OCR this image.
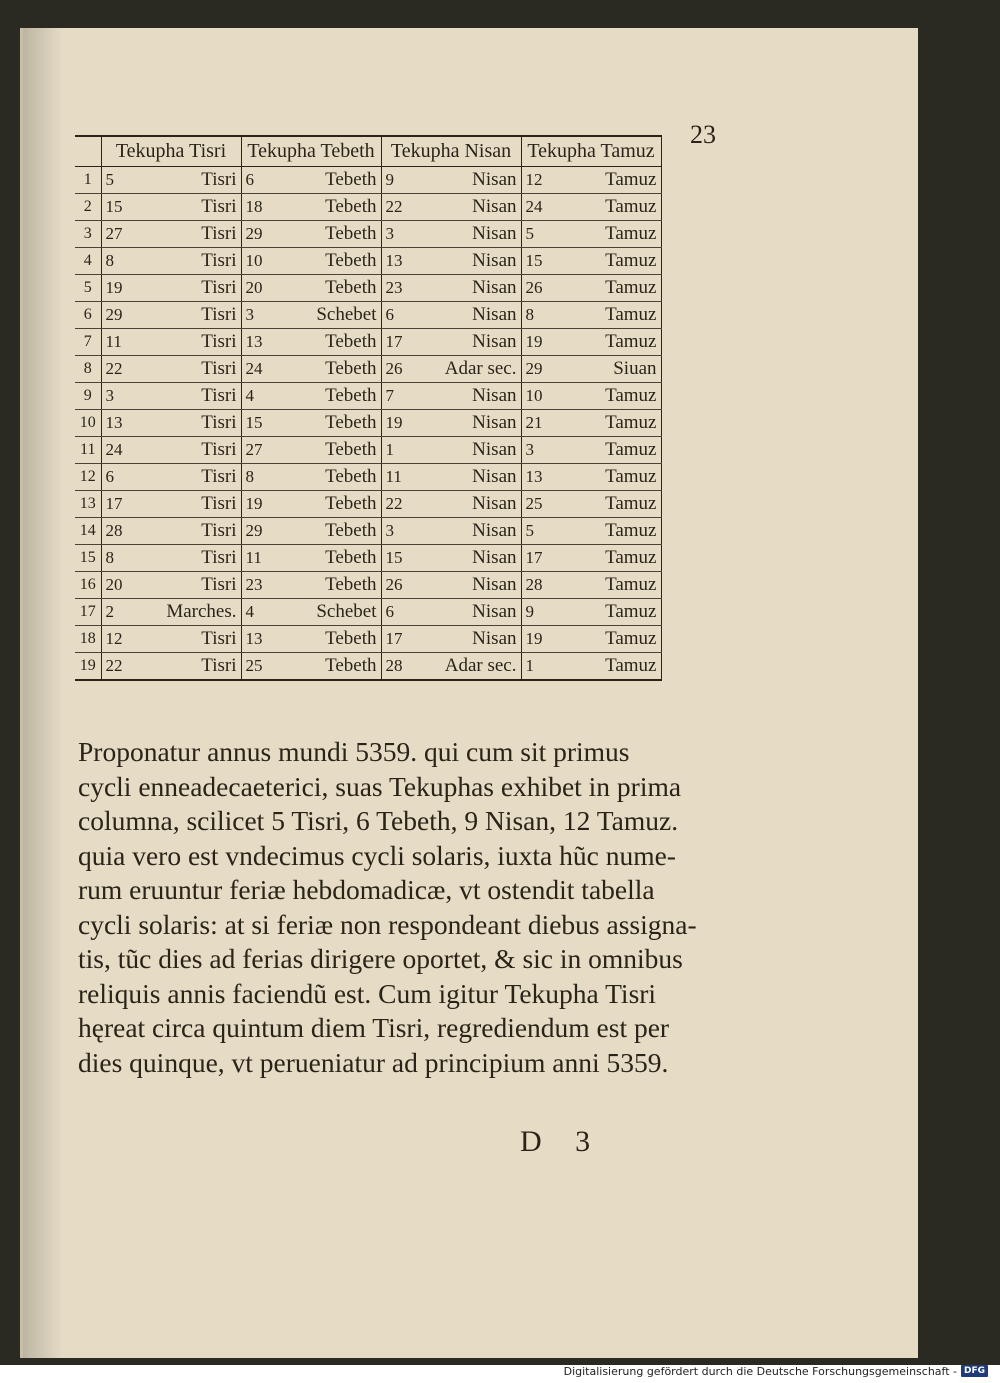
23
	Tekupha Tisri		Tekupha Tebeth		Tekupha Nisan		Tekupha Tamuz	
1	5	Tisri	6	Tebeth	9	Nisan	12	Tamuz
2	15	Tisri	18	Tebeth	22	Nisan	24	Tamuz
3	27	Tisri	29	Tebeth	3	Nisan	5	Tamuz
4	8	Tisri	10	Tebeth	13	Nisan	15	Tamuz
5	19	Tisri	20	Tebeth	23	Nisan	26	Tamuz
6	29	Tisri	3	Schebet	6	Nisan	8	Tamuz
7	11	Tisri	13	Tebeth	17	Nisan	19	Tamuz
8	22	Tisri	24	Tebeth	26	Adar sec.	29	Siuan
9	3	Tisri	4	Tebeth	7	Nisan	10	Tamuz
10	13	Tisri	15	Tebeth	19	Nisan	21	Tamuz
11	24	Tisri	27	Tebeth	1	Nisan	3	Tamuz
12	6	Tisri	8	Tebeth	11	Nisan	13	Tamuz
13	17	Tisri	19	Tebeth	22	Nisan	25	Tamuz
14	28	Tisri	29	Tebeth	3	Nisan	5	Tamuz
15	8	Tisri	11	Tebeth	15	Nisan	17	Tamuz
16	20	Tisri	23	Tebeth	26	Nisan	28	Tamuz
17	2	Marches.	4	Schebet	6	Nisan	9	Tamuz
18	12	Tisri	13	Tebeth	17	Nisan	19	Tamuz
19	22	Tisri	25	Tebeth	28	Adar sec.	1	Tamuz
Proponatur annus mundi 5359. qui cum sit primus
cycli enneadecaeterici, suas Tekuphas exhibet in prima
columna, scilicet 5 Tisri, 6 Tebeth, 9 Nisan, 12 Tamuz.
quia vero est vndecimus cycli solaris, iuxta hũc nume-
rum eruuntur feriæ hebdomadicæ, vt ostendit tabella
cycli solaris: at si feriæ non respondeant diebus assigna-
tis, tũc dies ad ferias dirigere oportet, & sic in omnibus
reliquis annis faciendũ est. Cum igitur Tekupha Tisri
hęreat circa quintum diem Tisri, regrediendum est per
dies quinque, vt perueniatur ad principium anni 5359.
D 3
Digitalisierung gefördert durch die Deutsche Forschungsgemeinschaft - DFG
